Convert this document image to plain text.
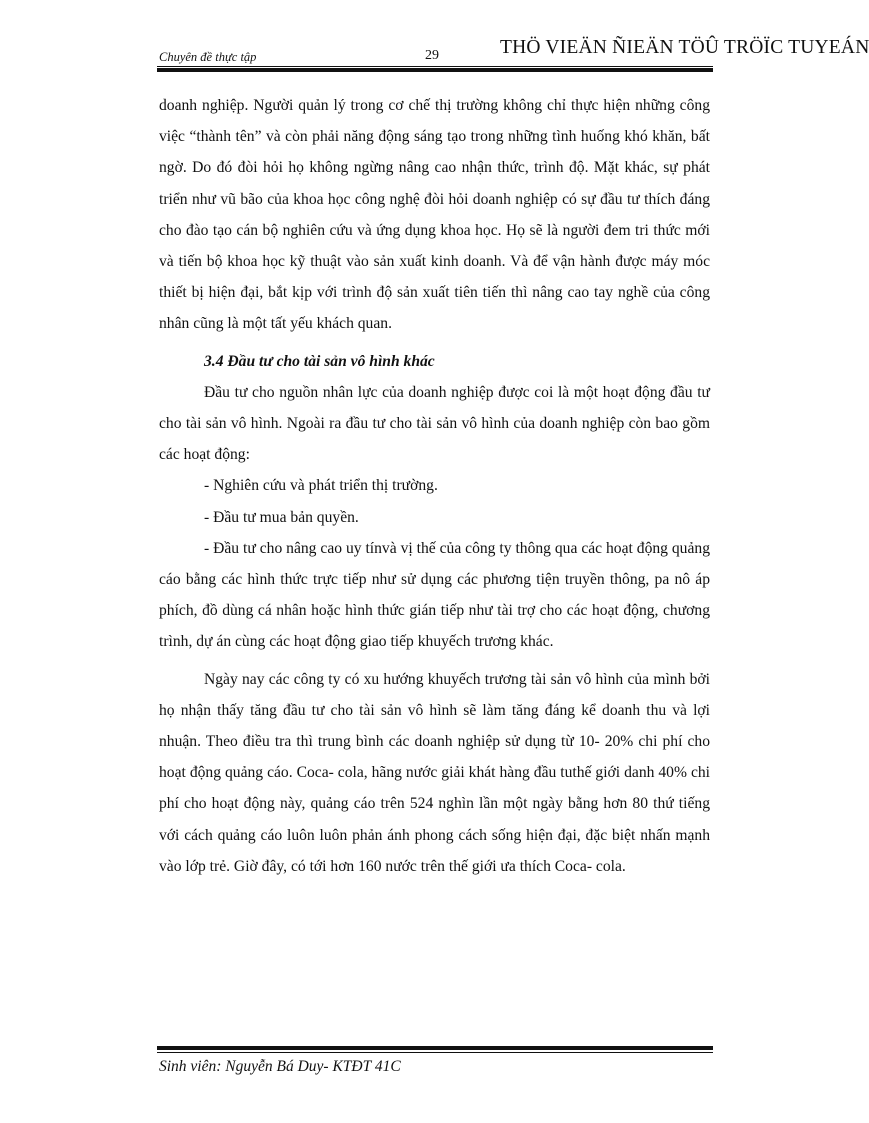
Chuyên đề thực tập	29	THÖ VIEÄN ÑIEÄN TÖÛ TRÖÏC TUYEÁN

doanh nghiệp. Người quản lý trong cơ chế thị trường không chỉ thực hiện những công việc “thành tên” và còn phải năng động sáng tạo trong những tình huống khó khăn, bất ngờ. Do đó đòi hỏi họ không ngừng nâng cao nhận thức, trình độ. Mặt khác, sự phát triển như vũ bão của khoa học công nghệ đòi hỏi doanh nghiệp có sự đầu tư thích đáng cho đào tạo cán bộ nghiên cứu và ứng dụng khoa học. Họ sẽ là người đem tri thức mới và tiến bộ khoa học kỹ thuật vào sản xuất kinh doanh. Và để vận hành được máy móc thiết bị hiện đại, bắt kịp với trình độ sản xuất tiên tiến thì nâng cao tay nghề của công nhân cũng là một tất yếu khách quan.

3.4 Đầu tư cho tài sản vô hình khác

Đầu tư cho nguồn nhân lực của doanh nghiệp được coi là một hoạt động đầu tư cho tài sản vô hình. Ngoài ra đầu tư cho tài sản vô hình của doanh nghiệp còn bao gồm các hoạt động:

- Nghiên cứu và phát triển thị trường.

- Đầu tư mua bản quyền.

- Đầu tư cho nâng cao uy tínvà vị thế của công ty thông qua các hoạt động quảng cáo bằng các hình thức trực tiếp như sử dụng các phương tiện truyền thông, pa nô áp phích, đồ dùng cá nhân hoặc hình thức gián tiếp như tài trợ cho các hoạt động, chương trình, dự án cùng các hoạt động giao tiếp khuyếch trương khác.

Ngày nay các công ty có xu hướng khuyếch trương tài sản vô hình của mình bởi họ nhận thấy tăng đầu tư cho tài sản vô hình sẽ làm tăng đáng kể doanh thu và lợi nhuận. Theo điều tra thì trung bình các doanh nghiệp sử dụng từ 10- 20% chi phí cho hoạt động quảng cáo. Coca- cola, hãng nước giải khát hàng đầu tuthế giới danh 40% chi phí cho hoạt động này, quảng cáo trên 524 nghìn lần một ngày bằng hơn 80 thứ tiếng với cách quảng cáo luôn luôn phản ánh phong cách sống hiện đại, đặc biệt nhấn mạnh vào lớp trẻ. Giờ đây, có tới hơn 160 nước trên thế giới ưa thích Coca- cola.

Sinh viên: Nguyễn Bá Duy- KTĐT 41C
